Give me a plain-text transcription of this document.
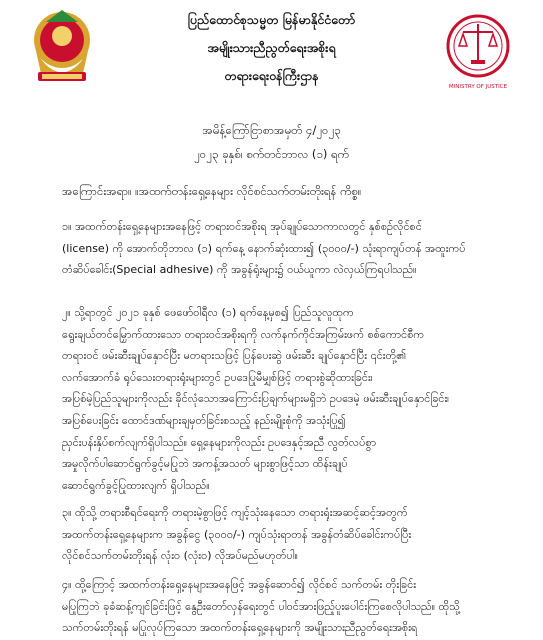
MINISTRY OF JUSTICE
ပြည်ထောင်စုသမ္မတ မြန်မာနိုင်ငံတော်
အမျိုးသားညီညွတ်ရေးအစိုးရ
တရားရေးဝန်ကြီးဌာန
အမိန့်ကြော်ငြာစာအမှတ် ၄/၂၀၂၃
၂၀၂၃ ခုနှစ်၊ စက်တင်ဘာလ (၁) ရက်
အကြောင်းအရာ။ ။အထက်တန်းရှေ့နေများ လိုင်စင်သက်တမ်းတိုးရန် ကိစ္စ။
၁။ အထက်တန်းရှေ့နေများအနေဖြင့် တရားဝင်အစိုးရ အုပ်ချုပ်သောကာလတွင် နှစ်စဉ်လိုင်စင်
(license) ကို အောက်တိုဘာလ (၁) ရက်နေ့ နောက်ဆုံးထား၍ (၃၀၀၀/-) သုံးရာကျပ်တန် အထူးကပ်
တံဆိပ်ခေါင်း(Special adhesive) ကို အခွန်ရုံးများ၌ ဝယ်ယူကာ လဲလှယ်ကြရပါသည်။
၂။ သို့ရာတွင် ၂၀၂၁ ခုနှစ် ဖေဖော်ဝါရီလ (၁) ရက်နေ့မှစ၍ ပြည်သူလူထုက
ရွေးချယ်တင်မြှောက်ထားသော တရားဝင်အစိုးရကို လက်နက်ကိုင်အကြမ်းဖက် စစ်ကောင်စီက
တရားဝင် ဖမ်းဆီးချုပ်နှောင်ပြီး မတရားသဖြင့် ပြန်ပေးဆွဲ ဖမ်းဆီး ချုပ်နှောင်ပြီး ၎င်းတို့၏
လက်အောက်ခံ ရုပ်သေးတရားရုံးများတွင် ဥပဒေပြုမီမျှစ်ဖြင့် တရားစွဲဆိုထားခြင်း၊
အပြစ်မဲ့ပြည်သူများကိုလည်း ခိုင်လုံသောအကြောင်းပြချက်များမရှိဘဲ ဥပဒေမဲ့ ဖမ်းဆီးချုပ်နှောင်ခြင်း၊
အပြစ်ပေးခြင်း ထောင်ဒဏ်များချမှတ်ခြင်းစသည့် နည်းမျိုးစုံကို အသုံးပြု၍
ညှင်းပန်းနှိပ်စက်လျက်ရှိပါသည်။ ရှေ့နေများကိုလည်း ဥပဒေနှင့်အညီ လွတ်လပ်စွာ
အမှုလိုက်ပါဆောင်ရွက်ခွင့်မပြုဘဲ အကန့်အသတ် များစွာဖြင့်သာ ထိန်းချုပ်
ဆောင်ရွက်ခွင့်ပြုထားလျက် ရှိပါသည်။
၃။ ထိုသို့ တရားစီရင်ရေးကို တရားမဲ့စွာဖြင့် ကျင့်သုံးနေသော တရားရုံးအဆင့်ဆင့်အတွက်
အထက်တန်းရှေ့နေများက အခွန်ငွေ (၃၀၀၀/-) ကျပ်သုံးရာတန် အခွန်တံဆိပ်ခေါင်းကပ်ပြီး
လိုင်စင်သက်တမ်းတိုးရန် လုံးဝ (လုံးဝ) လိုအပ်မည်မဟုတ်ပါ။
၄။ ထို့ကြောင့် အထက်တန်းရှေ့နေများအနေဖြင့် အခွန်ဆောင်၍ လိုင်စင် သက်တမ်း တိုးခြင်း
မပြုကြဘဲ ခုခံဆန့်ကျင်ခြင်းဖြင့် နွေဦးတော်လှန်ရေးတွင် ပါဝင်အားဖြည့်ပူးပေါင်းကြစေလိုပါသည်။ ထိုသို့
သက်တမ်းတိုးရန် မပြုလုပ်ကြသော အထက်တန်းရှေ့နေများကို အမျိုးသားညီညွတ်ရေးအစိုးရ
